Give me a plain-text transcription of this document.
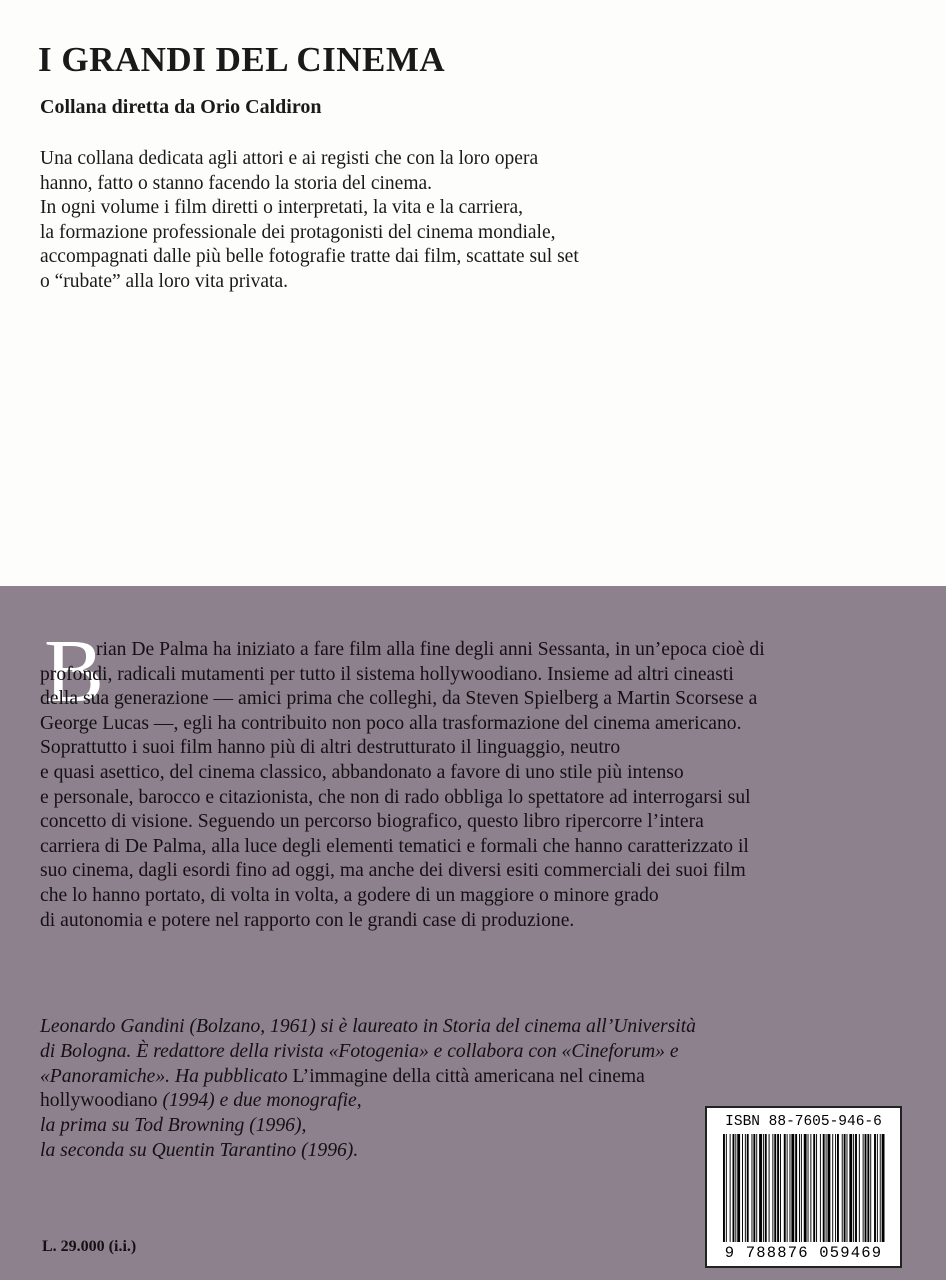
I GRANDI DEL CINEMA
Collana diretta da Orio Caldiron
Una collana dedicata agli attori e ai registi che con la loro opera
hanno, fatto o stanno facendo la storia del cinema.
In ogni volume i film diretti o interpretati, la vita e la carriera,
la formazione professionale dei protagonisti del cinema mondiale,
accompagnati dalle più belle fotografie tratte dai film, scattate sul set
o “rubate” alla loro vita privata.
B
rian De Palma ha iniziato a fare film alla fine degli anni Sessanta, in un’epoca cioè di
profondi, radicali mutamenti per tutto il sistema hollywoodiano. Insieme ad altri cineasti
della sua generazione — amici prima che colleghi, da Steven Spielberg a Martin Scorsese a
George Lucas —, egli ha contribuito non poco alla trasformazione del cinema americano.
Soprattutto i suoi film hanno più di altri destrutturato il linguaggio, neutro
e quasi asettico, del cinema classico, abbandonato a favore di uno stile più intenso
e personale, barocco e citazionista, che non di rado obbliga lo spettatore ad interrogarsi sul
concetto di visione. Seguendo un percorso biografico, questo libro ripercorre l’intera
carriera di De Palma, alla luce degli elementi tematici e formali che hanno caratterizzato il
suo cinema, dagli esordi fino ad oggi, ma anche dei diversi esiti commerciali dei suoi film
che lo hanno portato, di volta in volta, a godere di un maggiore o minore grado
di autonomia e potere nel rapporto con le grandi case di produzione.
Leonardo Gandini (Bolzano, 1961) si è laureato in Storia del cinema all’Università
di Bologna. È redattore della rivista «Fotogenia» e collabora con «Cineforum» e
«Panoramiche». Ha pubblicato L’immagine della città americana nel cinema
hollywoodiano (1994) e due monografie,
la prima su Tod Browning (1996),
la seconda su Quentin Tarantino (1996).
L. 29.000 (i.i.)
ISBN 88-7605-946-6
9 788876 059469
